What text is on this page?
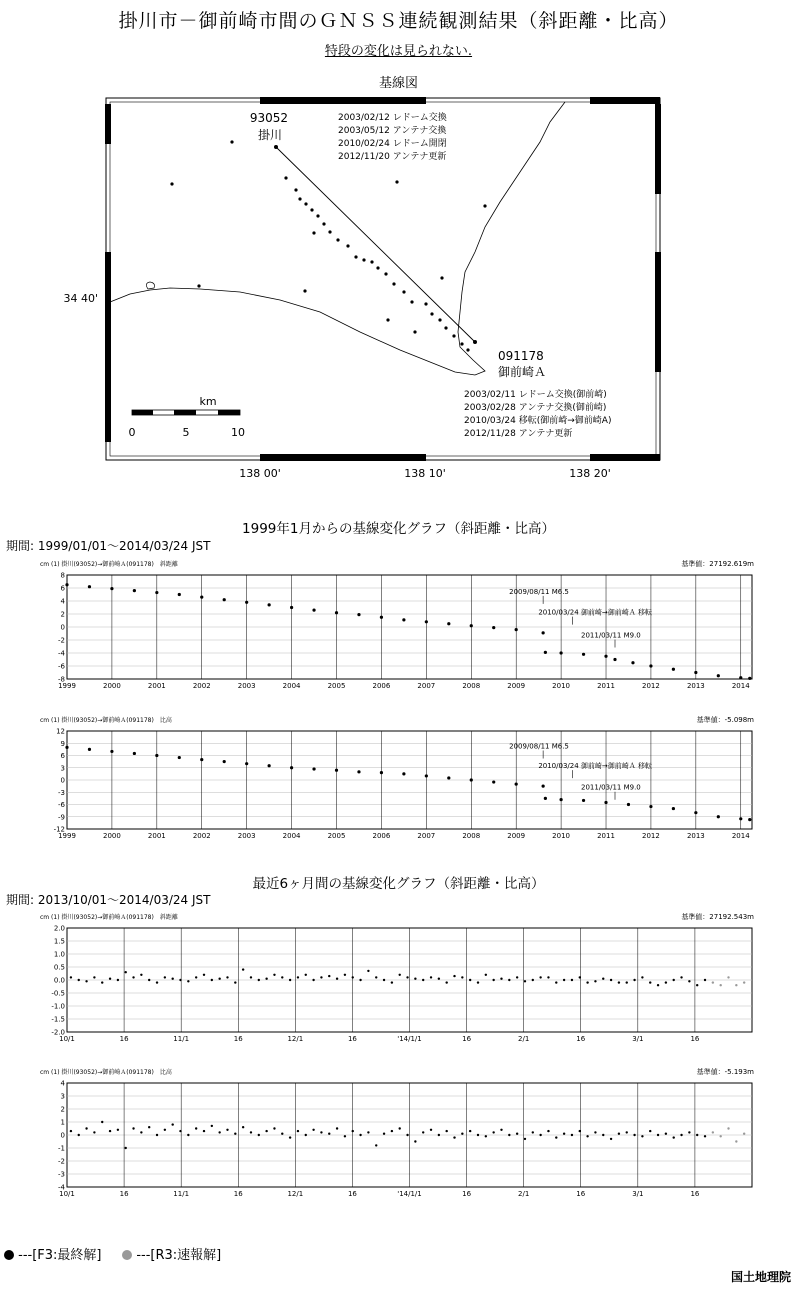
掛川市－御前崎市間のＧＮＳＳ連続観測結果（斜距離・比高）
特段の変化は見られない.
基線図
93052
掛川
2003/02/12 レドーム交換
2003/05/12 アンテナ交換
2010/02/24 レドーム開閉
2012/11/20 アンテナ更新
091178
御前崎Ａ
2003/02/11 レドーム交換(御前崎)
2003/02/28 アンテナ交換(御前崎)
2010/03/24 移転(御前崎→御前崎A)
2012/11/28 アンテナ更新
km
0	5	10
34 40'
138 00'	138 10'	138 20'
1999年1月からの基線変化グラフ（斜距離・比高）
期間: 1999/01/01～2014/03/24 JST
cm (1) 掛川(93052)→御前崎Ａ(091178)　斜距離	基準値：27192.619m
8
6
4
2
0
-2
-4
-6
-8
1999	2000	2001	2002	2003	2004	2005	2006	2007	2008	2009	2010	2011	2012	2013	2014
2009/08/11 M6.5
2010/03/24 御前崎→御前崎Ａ 移転
2011/03/11 M9.0
cm (1) 掛川(93052)→御前崎Ａ(091178)　比高	基準値：-5.098m
12
9
6
3
0
-3
-6
-9
-12
1999	2000	2001	2002	2003	2004	2005	2006	2007	2008	2009	2010	2011	2012	2013	2014
2009/08/11 M6.5
2010/03/24 御前崎→御前崎Ａ 移転
2011/03/11 M9.0
最近6ヶ月間の基線変化グラフ（斜距離・比高）
期間: 2013/10/01～2014/03/24 JST
cm (1) 掛川(93052)→御前崎Ａ(091178)　斜距離	基準値：27192.543m
2.0
1.5
1.0
0.5
0.0
-0.5
-1.0
-1.5
-2.0
10/1	16	11/1	16	12/1	16	'14/1/1	16	2/1	16	3/1	16
cm (1) 掛川(93052)→御前崎Ａ(091178)　比高	基準値：-5.193m
4
3
2
1
0
-1
-2
-3
-4
10/1	16	11/1	16	12/1	16	'14/1/1	16	2/1	16	3/1	16
---[F3:最終解]	---[R3:速報解]
国土地理院
